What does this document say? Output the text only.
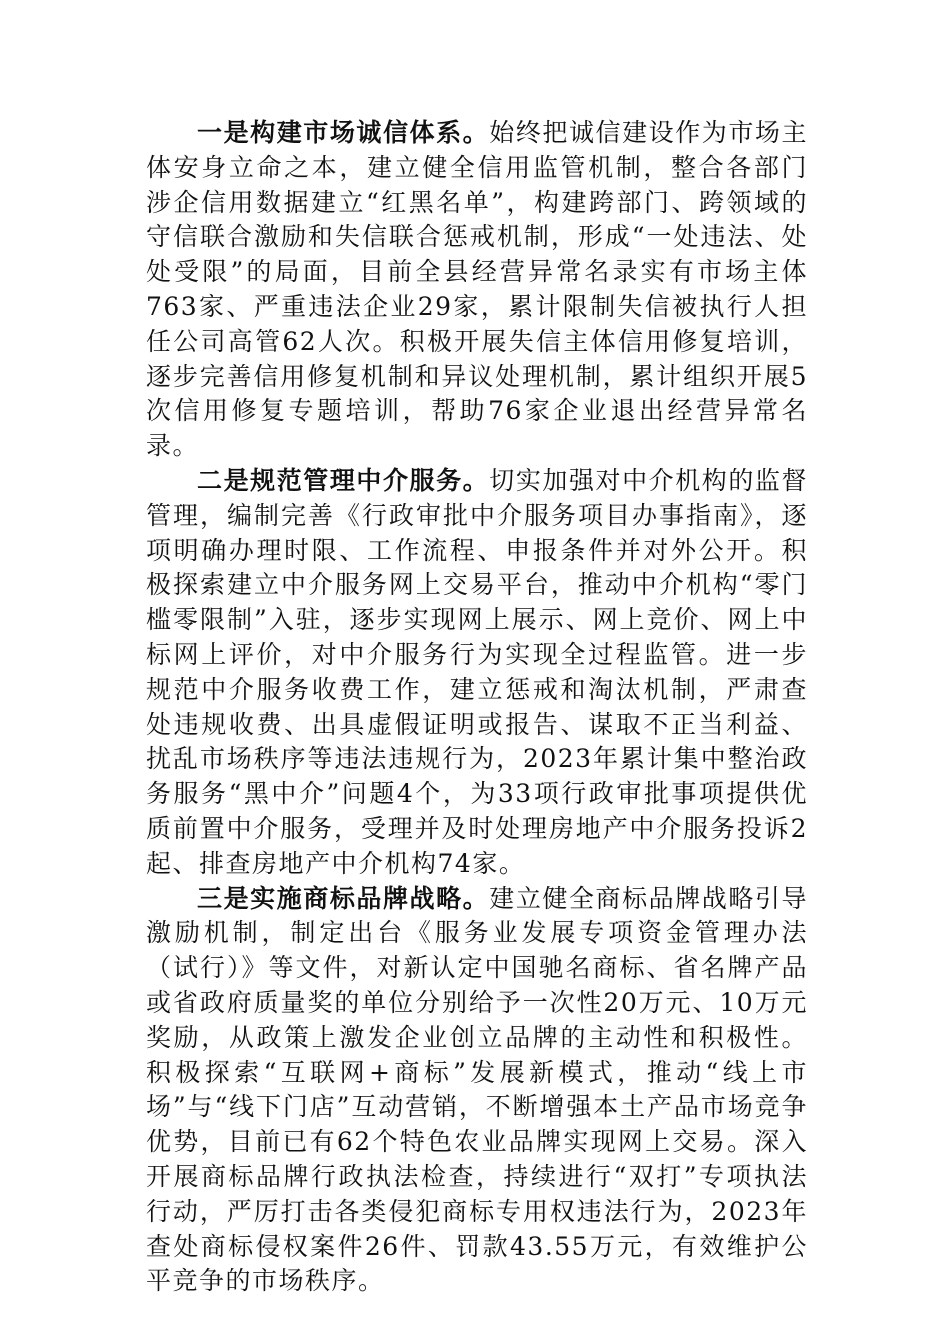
一是构建市场诚信体系。始终把诚信建设作为市场主体安身立命之本，建立健全信用监管机制，整合各部门涉企信用数据建立“红黑名单”，构建跨部门、跨领域的守信联合激励和失信联合惩戒机制，形成“一处违法、处处受限”的局面，目前全县经营异常名录实有市场主体763家、严重违法企业29家，累计限制失信被执行人担任公司高管62人次。积极开展失信主体信用修复培训，逐步完善信用修复机制和异议处理机制，累计组织开展5次信用修复专题培训，帮助76家企业退出经营异常名录。

二是规范管理中介服务。切实加强对中介机构的监督管理，编制完善《行政审批中介服务项目办事指南》，逐项明确办理时限、工作流程、申报条件并对外公开。积极探索建立中介服务网上交易平台，推动中介机构“零门槛零限制”入驻，逐步实现网上展示、网上竞价、网上中标网上评价，对中介服务行为实现全过程监管。进一步规范中介服务收费工作，建立惩戒和淘汰机制，严肃查处违规收费、出具虚假证明或报告、谋取不正当利益、扰乱市场秩序等违法违规行为，2023年累计集中整治政务服务“黑中介”问题4个，为33项行政审批事项提供优质前置中介服务，受理并及时处理房地产中介服务投诉2起、排查房地产中介机构74家。

三是实施商标品牌战略。建立健全商标品牌战略引导激励机制，制定出台《服务业发展专项资金管理办法（试行）》等文件，对新认定中国驰名商标、省名牌产品或省政府质量奖的单位分别给予一次性20万元、10万元奖励，从政策上激发企业创立品牌的主动性和积极性。积极探索“互联网+商标”发展新模式，推动“线上市场”与“线下门店”互动营销，不断增强本土产品市场竞争优势，目前已有62个特色农业品牌实现网上交易。深入开展商标品牌行政执法检查，持续进行“双打”专项执法行动，严厉打击各类侵犯商标专用权违法行为，2023年查处商标侵权案件26件、罚款43.55万元，有效维护公平竞争的市场秩序。
